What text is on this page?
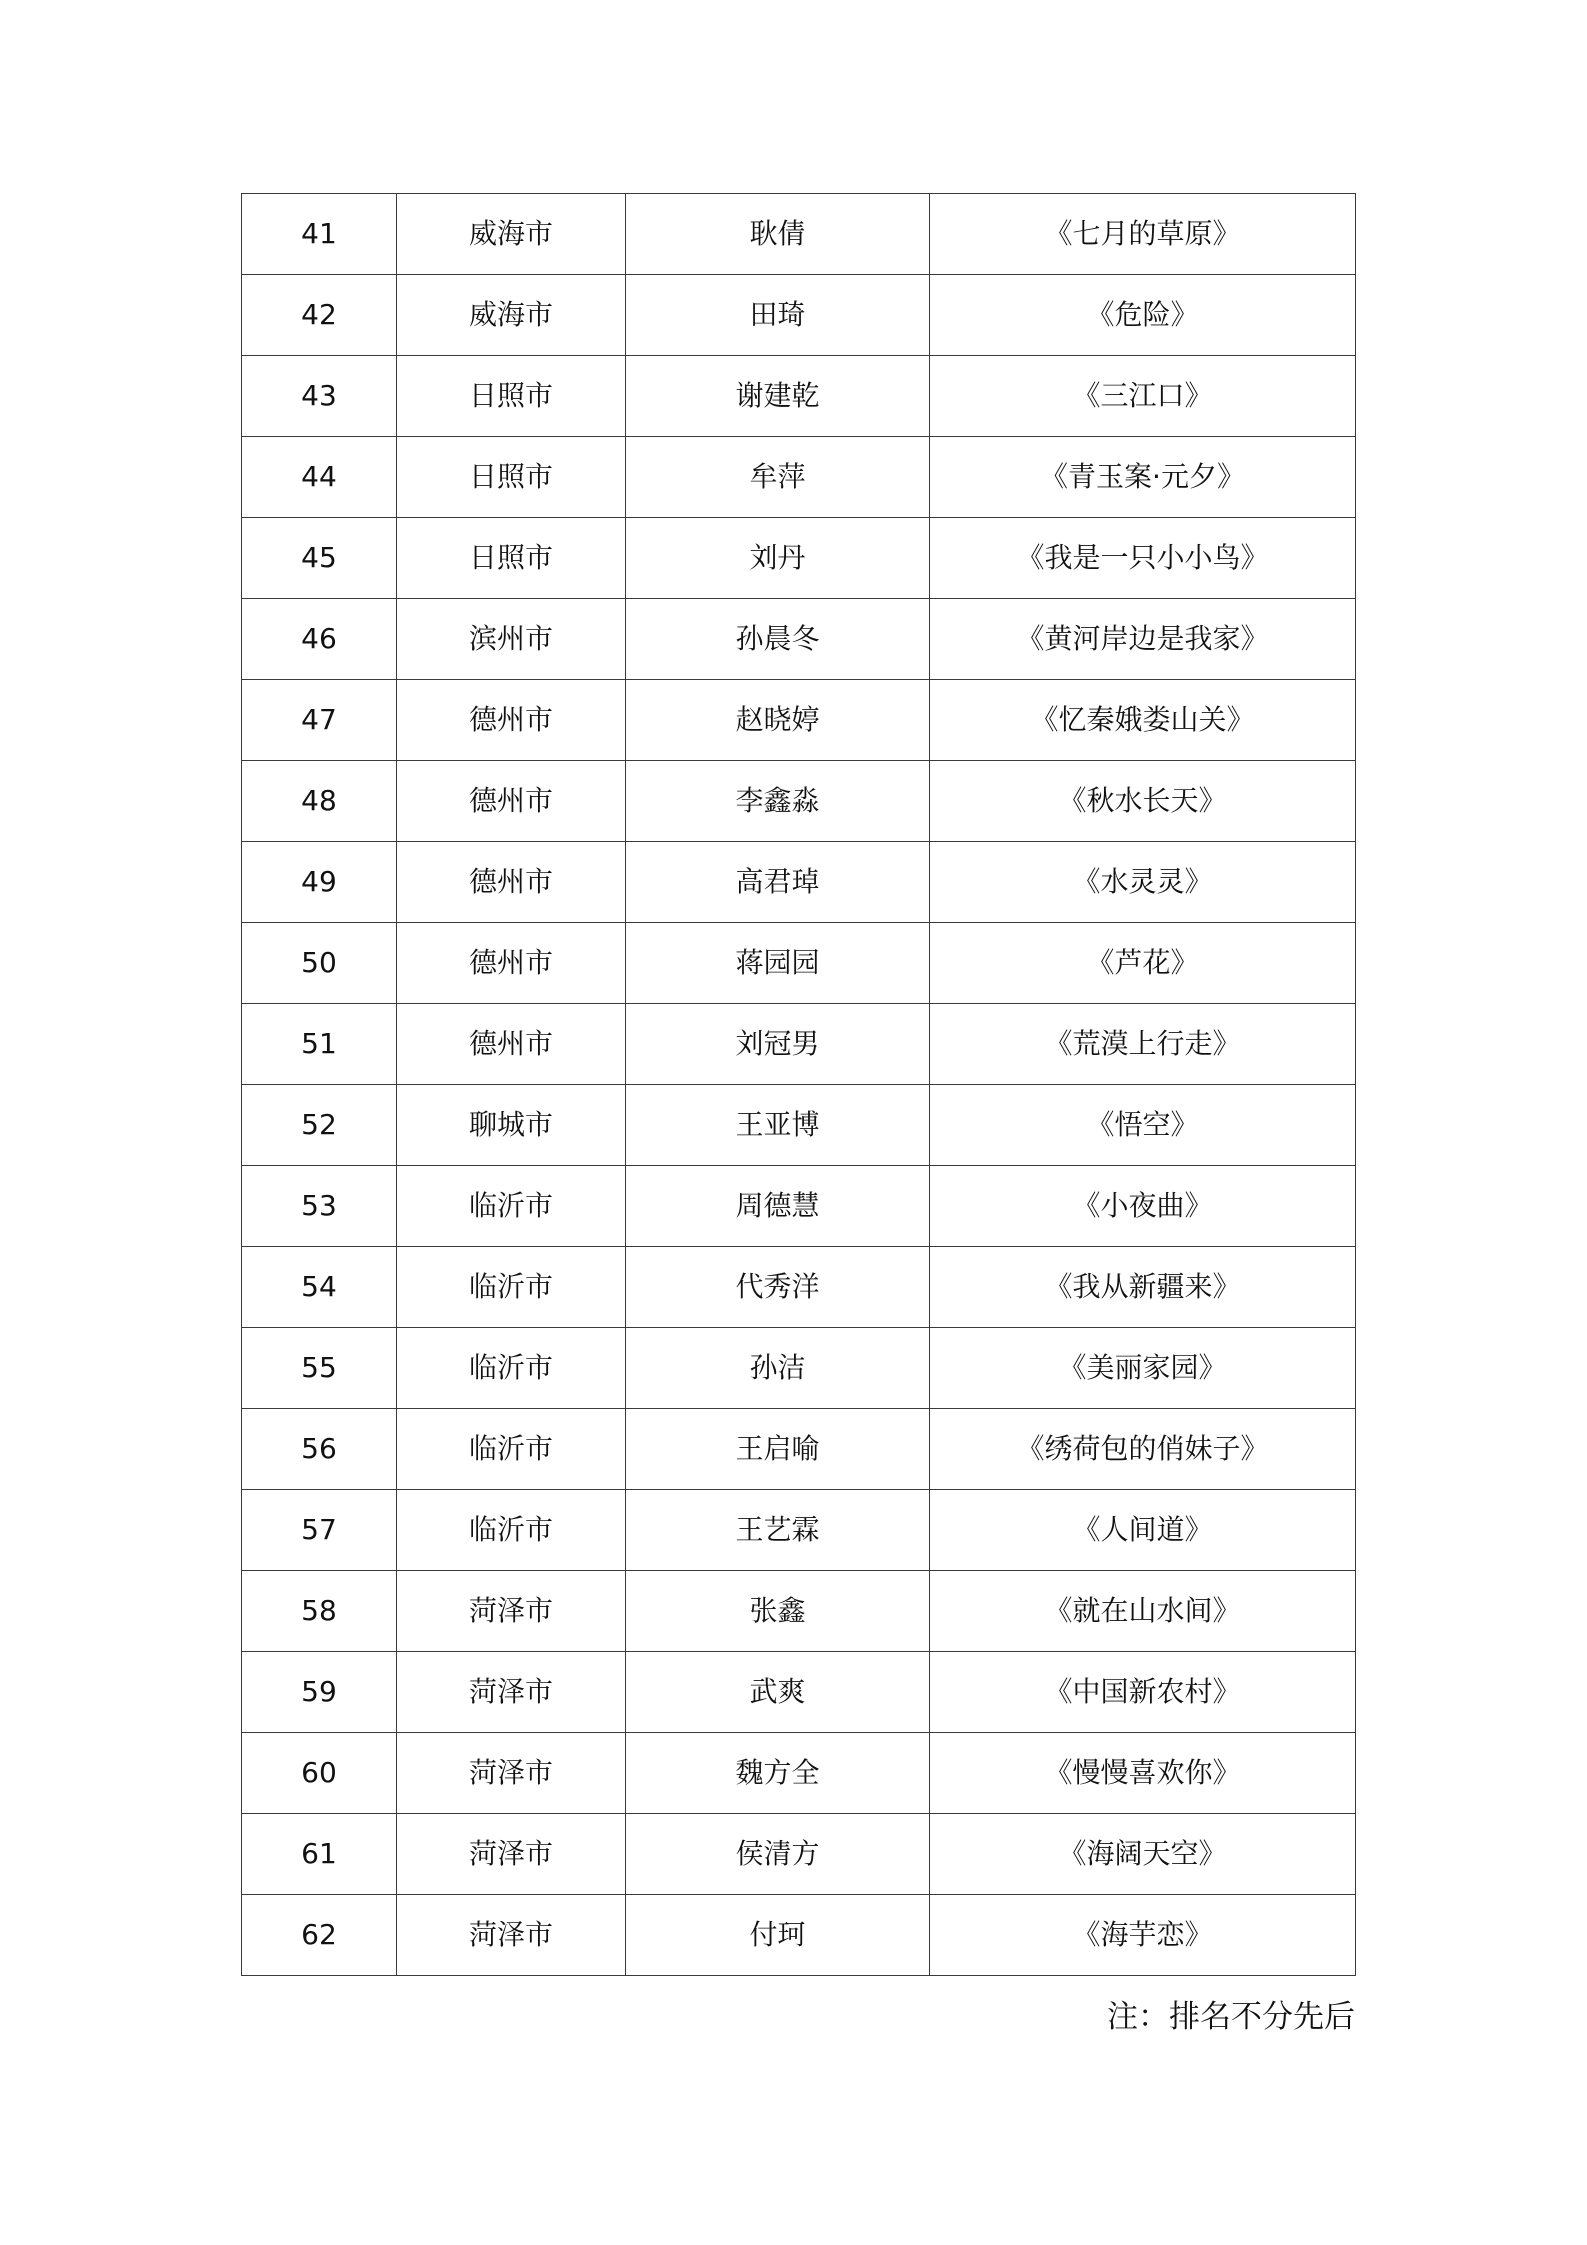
41	威海市	耿倩	《七月的草原》
42	威海市	田琦	《危险》
43	日照市	谢建乾	《三江口》
44	日照市	牟萍	《青玉案·元夕》
45	日照市	刘丹	《我是一只小小鸟》
46	滨州市	孙晨冬	《黄河岸边是我家》
47	德州市	赵晓婷	《忆秦娥娄山关》
48	德州市	李鑫淼	《秋水长天》
49	德州市	高君琸	《水灵灵》
50	德州市	蒋园园	《芦花》
51	德州市	刘冠男	《荒漠上行走》
52	聊城市	王亚博	《悟空》
53	临沂市	周德慧	《小夜曲》
54	临沂市	代秀洋	《我从新疆来》
55	临沂市	孙洁	《美丽家园》
56	临沂市	王启喻	《绣荷包的俏妹子》
57	临沂市	王艺霖	《人间道》
58	菏泽市	张鑫	《就在山水间》
59	菏泽市	武爽	《中国新农村》
60	菏泽市	魏方全	《慢慢喜欢你》
61	菏泽市	侯清方	《海阔天空》
62	菏泽市	付珂	《海芋恋》
注：排名不分先后
